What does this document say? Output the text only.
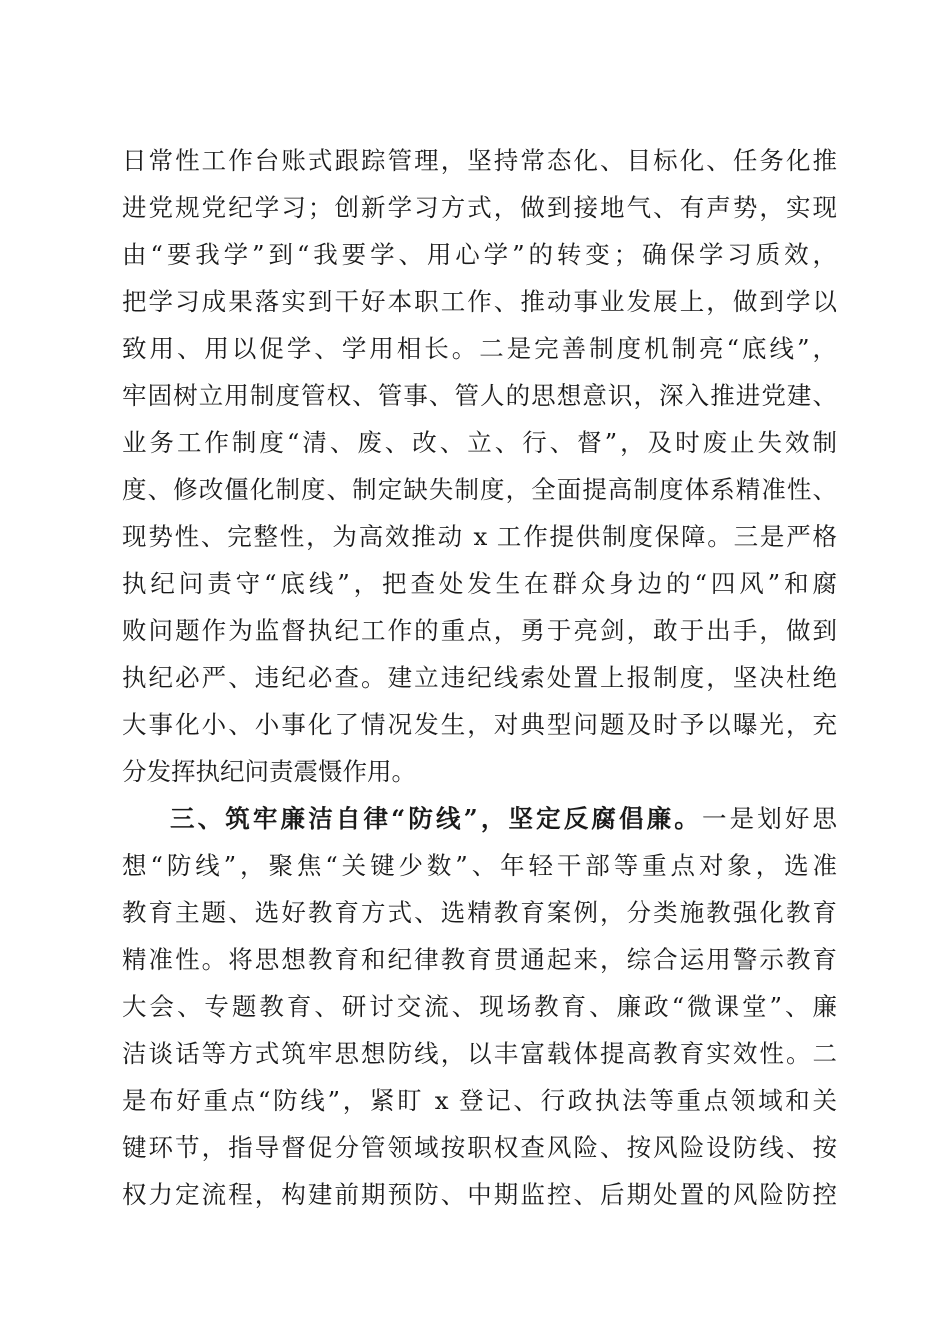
日常性工作台账式跟踪管理，坚持常态化、目标化、任务化推
进党规党纪学习；创新学习方式，做到接地气、有声势，实现
由“要我学”到“我要学、用心学”的转变；确保学习质效，
把学习成果落实到干好本职工作、推动事业发展上，做到学以
致用、用以促学、学用相长。二是完善制度机制亮“底线”，
牢固树立用制度管权、管事、管人的思想意识，深入推进党建、
业务工作制度“清、废、改、立、行、督”，及时废止失效制
度、修改僵化制度、制定缺失制度，全面提高制度体系精准性、
现势性、完整性，为高效推动 x 工作提供制度保障。三是严格
执纪问责守“底线”，把查处发生在群众身边的“四风”和腐
败问题作为监督执纪工作的重点，勇于亮剑，敢于出手，做到
执纪必严、违纪必查。建立违纪线索处置上报制度，坚决杜绝
大事化小、小事化了情况发生，对典型问题及时予以曝光，充
分发挥执纪问责震慑作用。
三、筑牢廉洁自律“防线”，坚定反腐倡廉。一是划好思
想“防线”，聚焦“关键少数”、年轻干部等重点对象，选准
教育主题、选好教育方式、选精教育案例，分类施教强化教育
精准性。将思想教育和纪律教育贯通起来，综合运用警示教育
大会、专题教育、研讨交流、现场教育、廉政“微课堂”、廉
洁谈话等方式筑牢思想防线，以丰富载体提高教育实效性。二
是布好重点“防线”，紧盯 x 登记、行政执法等重点领域和关
键环节，指导督促分管领域按职权查风险、按风险设防线、按
权力定流程，构建前期预防、中期监控、后期处置的风险防控
